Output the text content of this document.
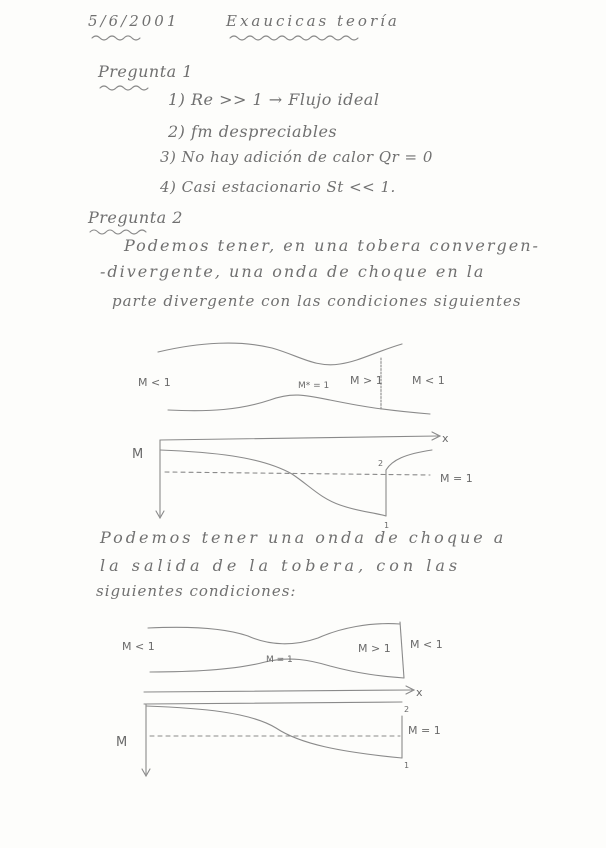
5/6/2001	Exaucicas teoría
Pregunta 1
1) Re >> 1 → Flujo ideal
2) fm despreciables
3) No hay adición de calor Qr = 0
4) Casi estacionario St << 1.
Pregunta 2
Podemos tener, en una tobera convergen-
-divergente, una onda de choque en la
parte divergente con las condiciones siguientes
Podemos tener una onda de choque a
la salida de la tobera, con las
siguientes condiciones:
M < 1	M* = 1 M > 1	M < 1
M
x
2
1
M = 1
M < 1
M = 1
M > 1 M < 1
M
x
2
1
M = 1
